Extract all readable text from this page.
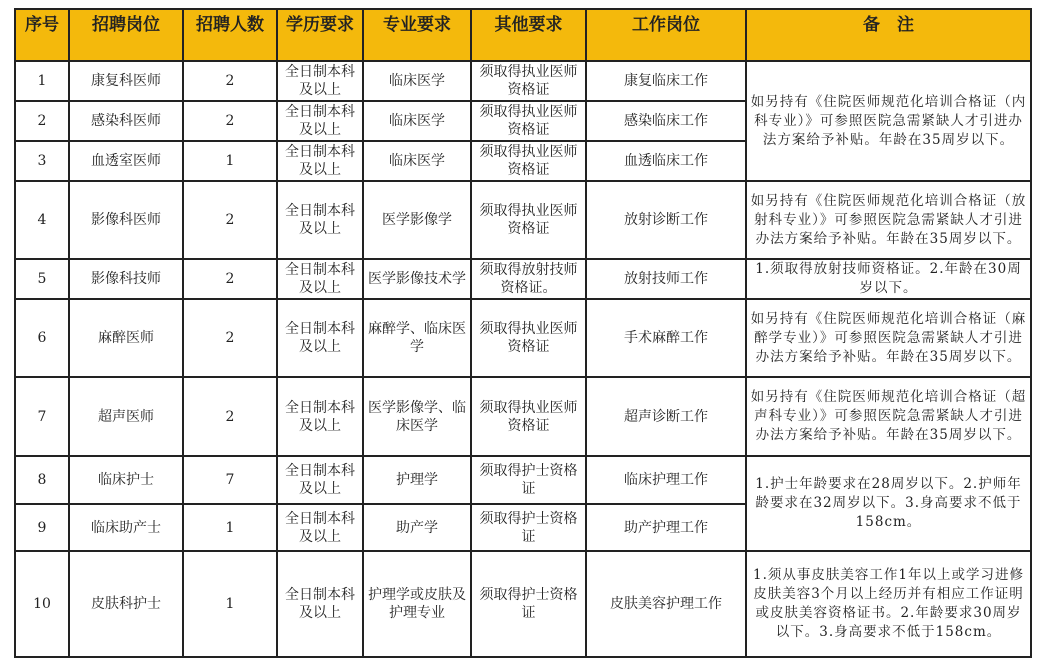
序号	招聘岗位	招聘人数	学历要求	专业要求	其他要求	工作岗位	备　注
1	康复科医师	2	全日制本科及以上	临床医学	须取得执业医师资格证	康复临床工作	如另持有《住院医师规范化培训合格证（内科专业）》可参照医院急需紧缺人才引进办法方案给予补贴。年龄在35周岁以下。
2	感染科医师	2	全日制本科及以上	临床医学	须取得执业医师资格证	感染临床工作	
3	血透室医师	1	全日制本科及以上	临床医学	须取得执业医师资格证	血透临床工作	
4	影像科医师	2	全日制本科及以上	医学影像学	须取得执业医师资格证	放射诊断工作	如另持有《住院医师规范化培训合格证（放射科专业）》可参照医院急需紧缺人才引进办法方案给予补贴。年龄在35周岁以下。
5	影像科技师	2	全日制本科及以上	医学影像技术学	须取得放射技师资格证。	放射技师工作	1.须取得放射技师资格证。2.年龄在30周岁以下。
6	麻醉医师	2	全日制本科及以上	麻醉学、临床医学	须取得执业医师资格证	手术麻醉工作	如另持有《住院医师规范化培训合格证（麻醉学专业）》可参照医院急需紧缺人才引进办法方案给予补贴。年龄在35周岁以下。
7	超声医师	2	全日制本科及以上	医学影像学、临床医学	须取得执业医师资格证	超声诊断工作	如另持有《住院医师规范化培训合格证（超声科专业）》可参照医院急需紧缺人才引进办法方案给予补贴。年龄在35周岁以下。
8	临床护士	7	全日制本科及以上	护理学	须取得护士资格证	临床护理工作	1.护士年龄要求在28周岁以下。2.护师年龄要求在32周岁以下。3.身高要求不低于158cm。
9	临床助产士	1	全日制本科及以上	助产学	须取得护士资格证	助产护理工作	
10	皮肤科护士	1	全日制本科及以上	护理学或皮肤及护理专业	须取得护士资格证	皮肤美容护理工作	1.须从事皮肤美容工作1年以上或学习进修皮肤美容3个月以上经历并有相应工作证明或皮肤美容资格证书。2.年龄要求30周岁以下。3.身高要求不低于158cm。
